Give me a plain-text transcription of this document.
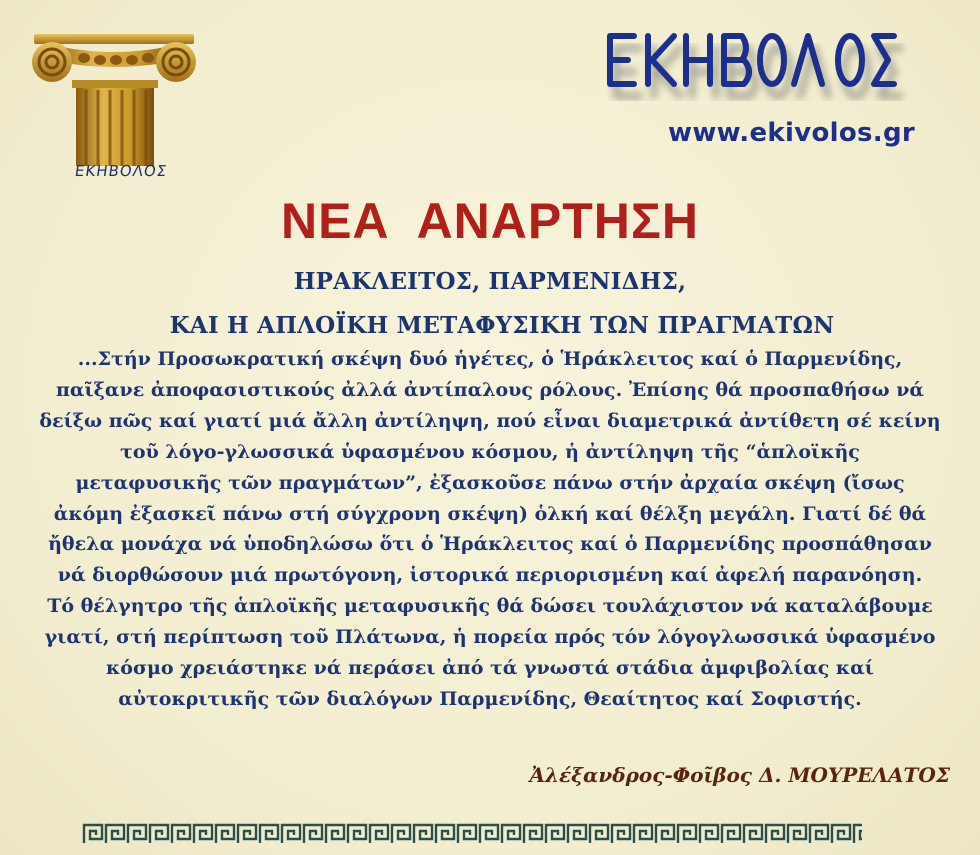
ΕΚΗΒΟΛΟΣ
www.ekivolos.gr
ΝΕΑ ΑΝΑΡΤΗΣΗ
ΗΡΑΚΛΕΙΤΟΣ, ΠΑΡΜΕΝΙΔΗΣ,
ΚΑΙ Η ΑΠΛΟΪΚΗ ΜΕΤΑΦΥΣΙΚΗ ΤΩΝ ΠΡΑΓΜΑΤΩΝ
...Στήν Προσωκρατική σκέψη δυό ἡγέτες, ὁ Ἡράκλειτος καί ὁ Παρμενίδης,
παῖξανε ἀποφασιστικούς ἀλλά ἀντίπαλους ρόλους. Ἐπίσης θά προσπαθήσω νά
δείξω πῶς καί γιατί μιά ἄλλη ἀντίληψη, πού εἶναι διαμετρικά ἀντίθετη σέ κείνη
τοῦ λόγο-γλωσσικά ὑφασμένου κόσμου, ἡ ἀντίληψη τῆς “ἁπλοϊκῆς
μεταφυσικῆς τῶν πραγμάτων”, ἐξασκοῦσε πάνω στήν ἀρχαία σκέψη (ἴσως
ἀκόμη ἐξασκεῖ πάνω στή σύγχρονη σκέψη) ὁλκή καί θέλξη μεγάλη. Γιατί δέ θά
ἤθελα μονάχα νά ὑποδηλώσω ὅτι ὁ Ἡράκλειτος καί ὁ Παρμενίδης προσπάθησαν
νά διορθώσουν μιά πρωτόγονη, ἱστορικά περιορισμένη καί ἀφελή παρανόηση.
Τό θέλγητρο τῆς ἁπλοϊκῆς μεταφυσικῆς θά δώσει τουλάχιστον νά καταλάβουμε
γιατί, στή περίπτωση τοῦ Πλάτωνα, ἡ πορεία πρός τόν λόγογλωσσικά ὑφασμένο
κόσμο χρειάστηκε νά περάσει ἀπό τά γνωστά στάδια ἀμφιβολίας καί
αὐτοκριτικῆς τῶν διαλόγων Παρμενίδης, Θεαίτητος καί Σοφιστής.
Ἀλέξανδρος-Φοῖβος Δ. ΜΟΥΡΕΛΑΤΟΣ
